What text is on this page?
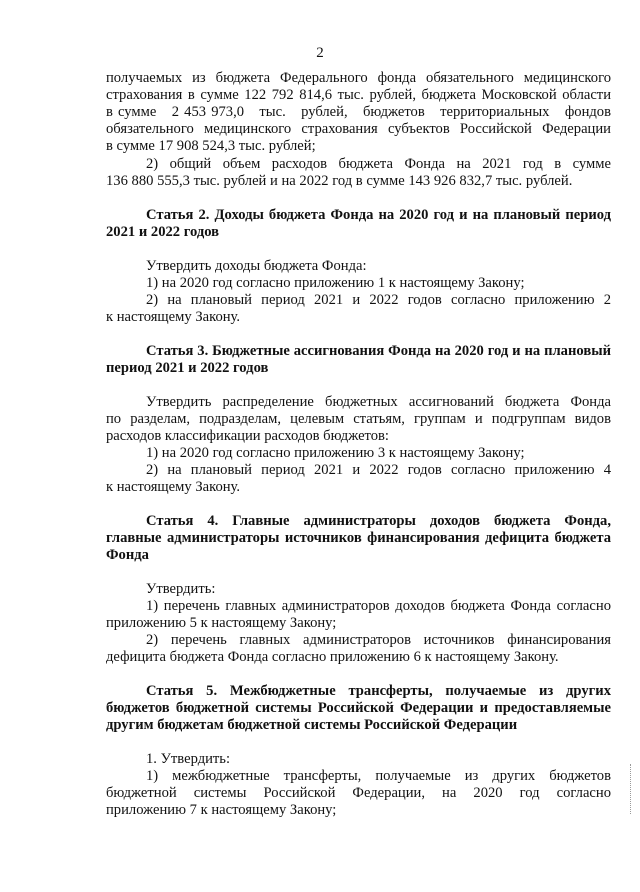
2
получаемых из бюджета Федерального фонда обязательного медицинского
страхования в сумме 122 792 814,6 тыс. рублей, бюджета Московской области
в сумме   2 453 973,0   тыс.   рублей,   бюджетов   территориальных   фондов
обязательного медицинского страхования субъектов Российской Федерации
в сумме 17 908 524,3 тыс. рублей;
2) общий объем расходов бюджета Фонда на 2021 год в сумме
136 880 555,3 тыс. рублей и на 2022 год в сумме 143 926 832,7 тыс. рублей.
Статья 2. Доходы бюджета Фонда на 2020 год и на плановый период
2021 и 2022 годов
Утвердить доходы бюджета Фонда:
1) на 2020 год согласно приложению 1 к настоящему Закону;
2) на плановый период 2021 и 2022 годов согласно приложению 2
к настоящему Закону.
Статья 3. Бюджетные ассигнования Фонда на 2020 год и на плановый
период 2021 и 2022 годов
Утвердить распределение бюджетных ассигнований бюджета Фонда
по разделам, подразделам, целевым статьям, группам и подгруппам видов
расходов классификации расходов бюджетов:
1) на 2020 год согласно приложению 3 к настоящему Закону;
2) на плановый период 2021 и 2022 годов согласно приложению 4
к настоящему Закону.
Статья 4. Главные администраторы доходов бюджета Фонда,
главные администраторы источников финансирования дефицита бюджета
Фонда
Утвердить:
1) перечень главных администраторов доходов бюджета Фонда согласно
приложению 5 к настоящему Закону;
2) перечень главных администраторов источников финансирования
дефицита бюджета Фонда согласно приложению 6 к настоящему Закону.
Статья 5. Межбюджетные трансферты, получаемые из других
бюджетов бюджетной системы Российской Федерации и предоставляемые
другим бюджетам бюджетной системы Российской Федерации
1. Утвердить:
1) межбюджетные трансферты, получаемые из других бюджетов
бюджетной системы Российской Федерации, на 2020 год согласно
приложению 7 к настоящему Закону;
